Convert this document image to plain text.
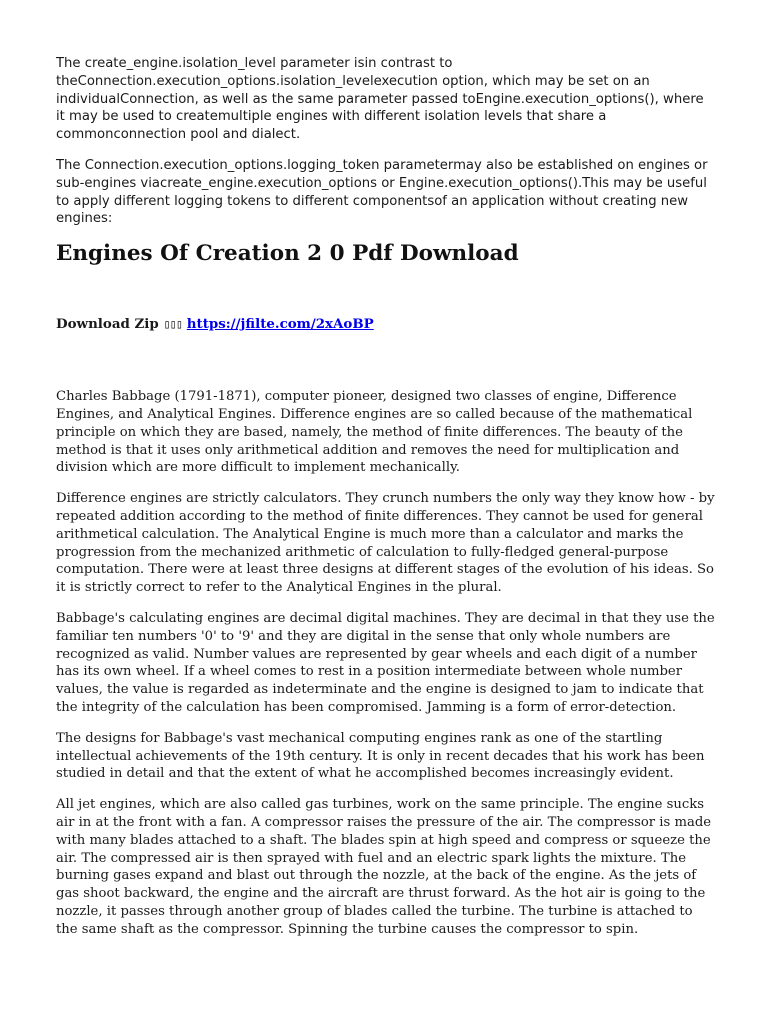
The create_engine.isolation_level parameter isin contrast to theConnection.execution_options.isolation_levelexecution option, which may be set on an individualConnection, as well as the same parameter passed toEngine.execution_options(), where it may be used to createmultiple engines with different isolation levels that share a commonconnection pool and dialect.

The Connection.execution_options.logging_token parametermay also be established on engines or sub-engines viacreate_engine.execution_options or Engine.execution_options().This may be useful to apply different logging tokens to different componentsof an application without creating new engines:

Engines Of Creation 2 0 Pdf Download

Download Zip ▯▯▯ https://jfilte.com/2xAoBP

Charles Babbage (1791-1871), computer pioneer, designed two classes of engine, Difference Engines, and Analytical Engines. Difference engines are so called because of the mathematical principle on which they are based, namely, the method of finite differences. The beauty of the method is that it uses only arithmetical addition and removes the need for multiplication and division which are more difficult to implement mechanically.

Difference engines are strictly calculators. They crunch numbers the only way they know how - by repeated addition according to the method of finite differences. They cannot be used for general arithmetical calculation. The Analytical Engine is much more than a calculator and marks the progression from the mechanized arithmetic of calculation to fully-fledged general-purpose computation. There were at least three designs at different stages of the evolution of his ideas. So it is strictly correct to refer to the Analytical Engines in the plural.

Babbage's calculating engines are decimal digital machines. They are decimal in that they use the familiar ten numbers '0' to '9' and they are digital in the sense that only whole numbers are recognized as valid. Number values are represented by gear wheels and each digit of a number has its own wheel. If a wheel comes to rest in a position intermediate between whole number values, the value is regarded as indeterminate and the engine is designed to jam to indicate that the integrity of the calculation has been compromised. Jamming is a form of error-detection.

The designs for Babbage's vast mechanical computing engines rank as one of the startling intellectual achievements of the 19th century. It is only in recent decades that his work has been studied in detail and that the extent of what he accomplished becomes increasingly evident.

All jet engines, which are also called gas turbines, work on the same principle. The engine sucks air in at the front with a fan. A compressor raises the pressure of the air. The compressor is made with many blades attached to a shaft. The blades spin at high speed and compress or squeeze the air. The compressed air is then sprayed with fuel and an electric spark lights the mixture. The burning gases expand and blast out through the nozzle, at the back of the engine. As the jets of gas shoot backward, the engine and the aircraft are thrust forward. As the hot air is going to the nozzle, it passes through another group of blades called the turbine. The turbine is attached to the same shaft as the compressor. Spinning the turbine causes the compressor to spin.
